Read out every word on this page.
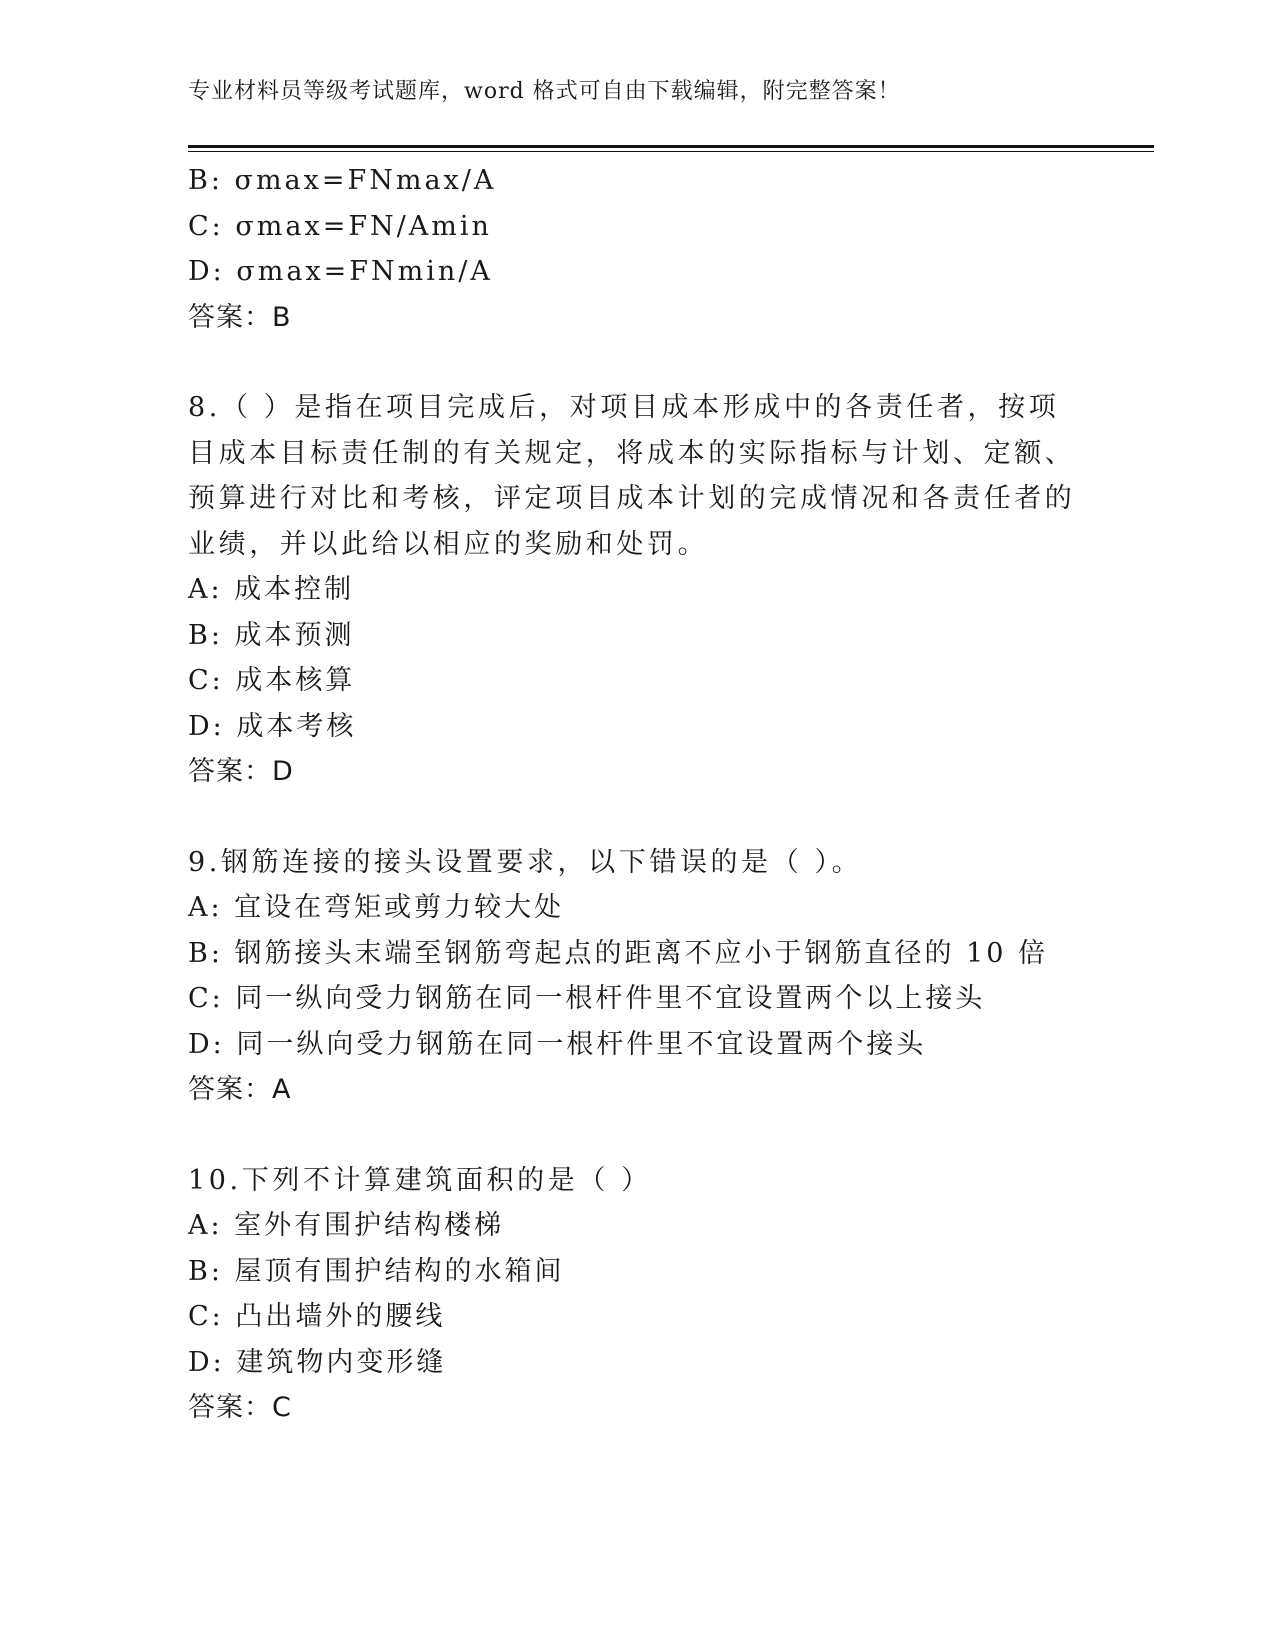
专业材料员等级考试题库，word 格式可自由下载编辑，附完整答案！
B: σmax=FNmax/A
C: σmax=FN/Amin
D: σmax=FNmin/A
答案：B
8.（ ）是指在项目完成后，对项目成本形成中的各责任者，按项目成本目标责任制的有关规定，将成本的实际指标与计划、定额、预算进行对比和考核，评定项目成本计划的完成情况和各责任者的业绩，并以此给以相应的奖励和处罚。
A: 成本控制
B: 成本预测
C: 成本核算
D: 成本考核
答案：D
9.钢筋连接的接头设置要求，以下错误的是（ ）。
A: 宜设在弯矩或剪力较大处
B: 钢筋接头末端至钢筋弯起点的距离不应小于钢筋直径的 10 倍
C: 同一纵向受力钢筋在同一根杆件里不宜设置两个以上接头
D: 同一纵向受力钢筋在同一根杆件里不宜设置两个接头
答案：A
10.下列不计算建筑面积的是（ ）
A: 室外有围护结构楼梯
B: 屋顶有围护结构的水箱间
C: 凸出墙外的腰线
D: 建筑物内变形缝
答案：C
